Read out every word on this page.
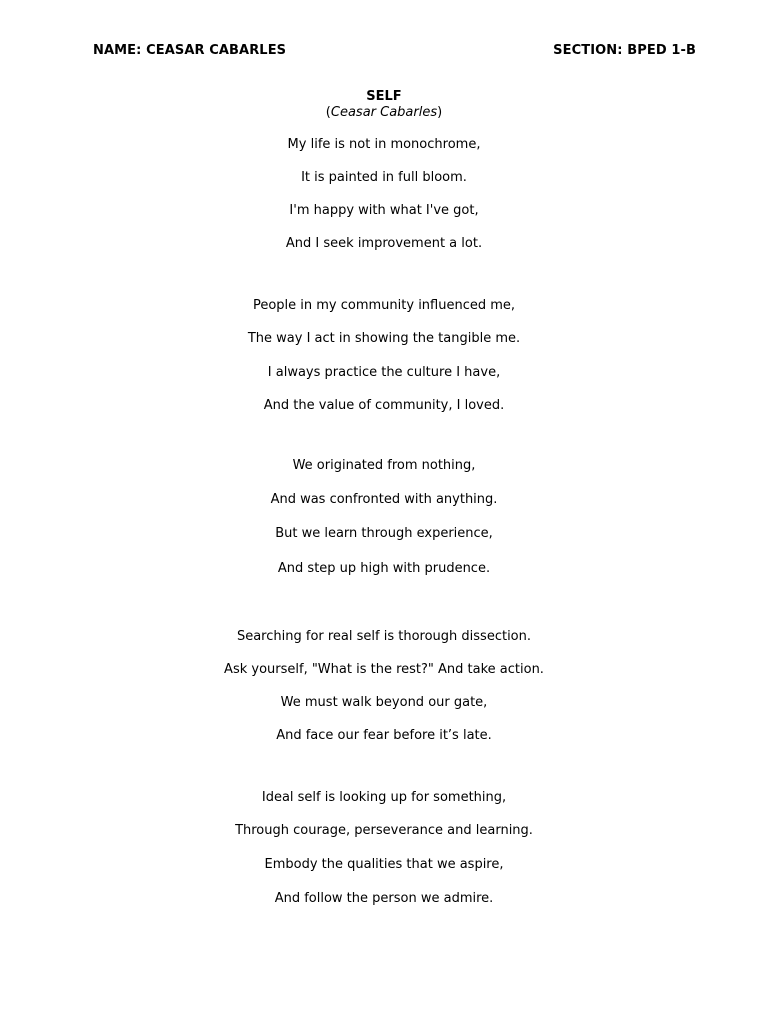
NAME: CEASAR CABARLES	SECTION: BPED 1-B
SELF
(Ceasar Cabarles)
My life is not in monochrome,
It is painted in full bloom.
I'm happy with what I've got,
And I seek improvement a lot.
People in my community influenced me,
The way I act in showing the tangible me.
I always practice the culture I have,
And the value of community, I loved.
We originated from nothing,
And was confronted with anything.
But we learn through experience,
And step up high with prudence.
Searching for real self is thorough dissection.
Ask yourself, "What is the rest?" And take action.
We must walk beyond our gate,
And face our fear before it’s late.
Ideal self is looking up for something,
Through courage, perseverance and learning.
Embody the qualities that we aspire,
And follow the person we admire.
